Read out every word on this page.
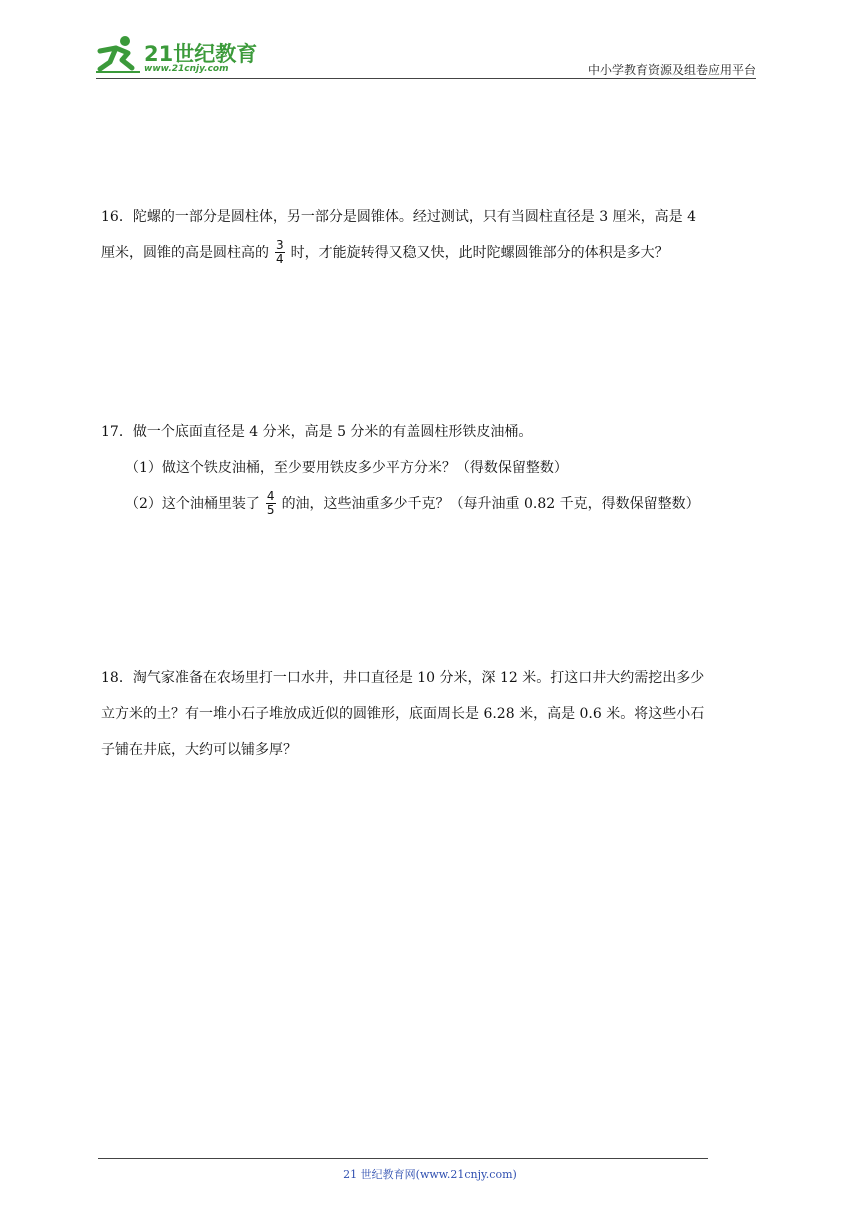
21世纪教育
www.21cnjy.com	中小学教育资源及组卷应用平台
16．陀螺的一部分是圆柱体，另一部分是圆锥体。经过测试，只有当圆柱直径是 3 厘米，高是 4
厘米，圆锥的高是圆柱高的 $\frac{3}{4}$ 时，才能旋转得又稳又快，此时陀螺圆锥部分的体积是多大？
17．做一个底面直径是 4 分米，高是 5 分米的有盖圆柱形铁皮油桶。
（1）做这个铁皮油桶，至少要用铁皮多少平方分米？（得数保留整数）
（2）这个油桶里装了 $\frac{4}{5}$ 的油，这些油重多少千克？（每升油重 0.82 千克，得数保留整数）
18．淘气家准备在农场里打一口水井，井口直径是 10 分米，深 12 米。打这口井大约需挖出多少
立方米的土？有一堆小石子堆放成近似的圆锥形，底面周长是 6.28 米，高是 0.6 米。将这些小石
子铺在井底，大约可以铺多厚？
21 世纪教育网(www.21cnjy.com)
